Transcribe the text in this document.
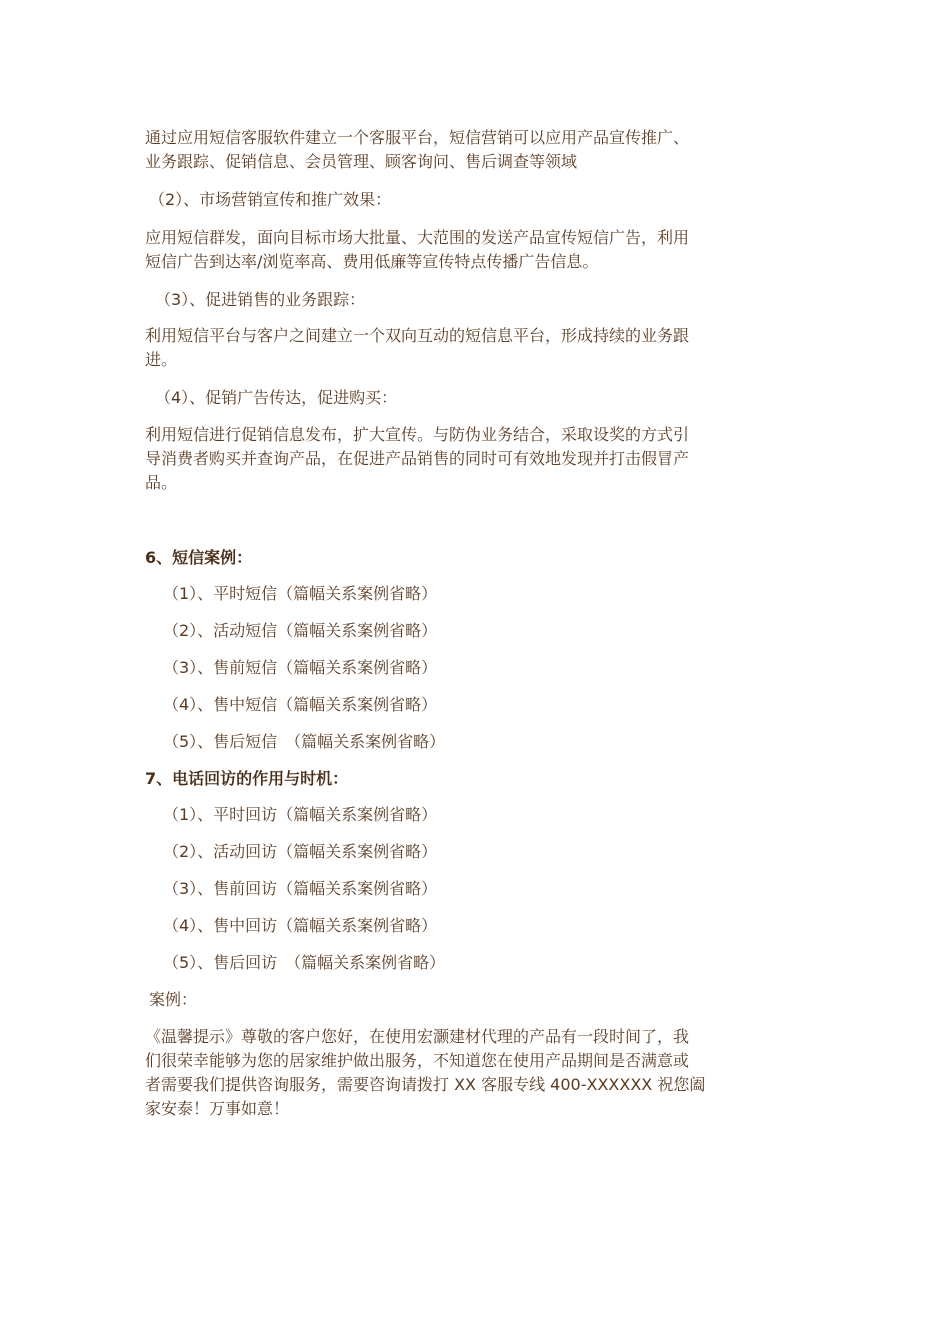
通过应用短信客服软件建立一个客服平台，短信营销可以应用产品宣传推广、
业务跟踪、促销信息、会员管理、顾客询问、售后调查等领域

（2）、市场营销宣传和推广效果：

应用短信群发，面向目标市场大批量、大范围的发送产品宣传短信广告，利用
短信广告到达率/浏览率高、费用低廉等宣传特点传播广告信息。

（3）、促进销售的业务跟踪：

利用短信平台与客户之间建立一个双向互动的短信息平台，形成持续的业务跟
进。

（4）、促销广告传达，促进购买：

利用短信进行促销信息发布，扩大宣传。与防伪业务结合，采取设奖的方式引
导消费者购买并查询产品，在促进产品销售的同时可有效地发现并打击假冒产
品。

6、短信案例：

（1）、平时短信（篇幅关系案例省略）

（2）、活动短信（篇幅关系案例省略）

（3）、售前短信（篇幅关系案例省略）

（4）、售中短信（篇幅关系案例省略）

（5）、售后短信　（篇幅关系案例省略）

7、电话回访的作用与时机：

（1）、平时回访（篇幅关系案例省略）

（2）、活动回访（篇幅关系案例省略）

（3）、售前回访（篇幅关系案例省略）

（4）、售中回访（篇幅关系案例省略）

（5）、售后回访　（篇幅关系案例省略）

案例：

《温馨提示》尊敬的客户您好，在使用宏灏建材代理的产品有一段时间了，我
们很荣幸能够为您的居家维护做出服务，不知道您在使用产品期间是否满意或
者需要我们提供咨询服务，需要咨询请拨打 XX 客服专线 400-XXXXXX 祝您阖
家安泰！万事如意！
